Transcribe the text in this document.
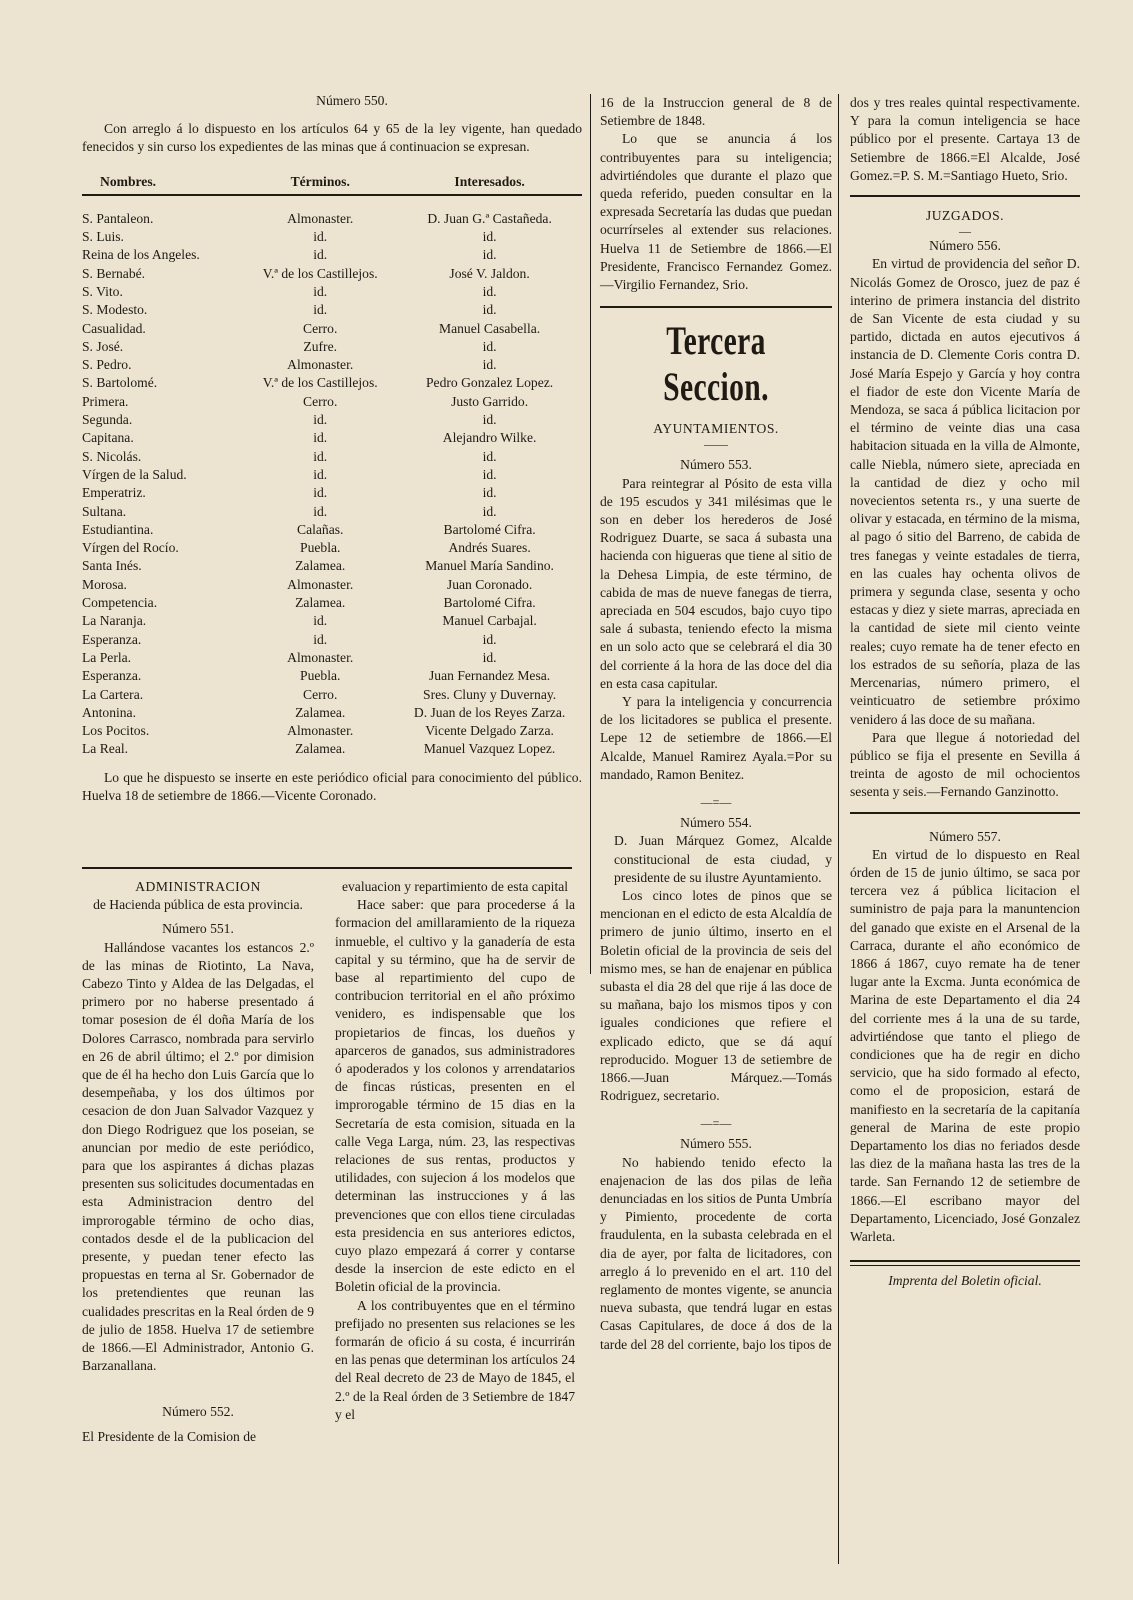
Número 550.

Con arreglo á lo dispuesto en los artículos 64 y 65 de la ley vigente, han quedado fenecidos y sin curso los expedientes de las minas que á continuacion se expresan.

Nombres.	Términos.	Interesados.

S. Pantaleon.	Almonaster.	D. Juan G.ª Castañeda.
S. Luis.	id.	id.
Reina de los Angeles.	id.	id.
S. Bernabé.	V.ª de los Castillejos.	José V. Jaldon.
S. Vito.	id.	id.
S. Modesto.	id.	id.
Casualidad.	Cerro.	Manuel Casabella.
S. José.	Zufre.	id.
S. Pedro.	Almonaster.	id.
S. Bartolomé.	V.ª de los Castillejos.	Pedro Gonzalez Lopez.
Primera.	Cerro.	Justo Garrido.
Segunda.	id.	id.
Capitana.	id.	Alejandro Wilke.
S. Nicolás.	id.	id.
Vírgen de la Salud.	id.	id.
Emperatriz.	id.	id.
Sultana.	id.	id.
Estudiantina.	Calañas.	Bartolomé Cifra.
Vírgen del Rocío.	Puebla.	Andrés Suares.
Santa Inés.	Zalamea.	Manuel María Sandino.
Morosa.	Almonaster.	Juan Coronado.
Competencia.	Zalamea.	Bartolomé Cifra.
La Naranja.	id.	Manuel Carbajal.
Esperanza.	id.	id.
La Perla.	Almonaster.	id.
Esperanza.	Puebla.	Juan Fernandez Mesa.
La Cartera.	Cerro.	Sres. Cluny y Duvernay.
Antonina.	Zalamea.	D. Juan de los Reyes Zarza.
Los Pocitos.	Almonaster.	Vicente Delgado Zarza.
La Real.	Zalamea.	Manuel Vazquez Lopez.

Lo que he dispuesto se inserte en este periódico oficial para conocimiento del público. Huelva 18 de setiembre de 1866.—Vicente Coronado.

ADMINISTRACION

de Hacienda pública de esta provincia.

Número 551.

Hallándose vacantes los estancos 2.º de las minas de Riotinto, La Nava, Cabezo Tinto y Aldea de las Delgadas, el primero por no haberse presentado á tomar posesion de él doña María de los Dolores Carrasco, nombrada para servirlo en 26 de abril último; el 2.º por dimision que de él ha hecho don Luis García que lo desempeñaba, y los dos últimos por cesacion de don Juan Salvador Vazquez y don Diego Rodriguez que los poseian, se anuncian por medio de este periódico, para que los aspirantes á dichas plazas presenten sus solicitudes documentadas en esta Administracion dentro del improrogable término de ocho dias, contados desde el de la publicacion del presente, y puedan tener efecto las propuestas en terna al Sr. Gobernador de los pretendientes que reunan las cualidades prescritas en la Real órden de 9 de julio de 1858. Huelva 17 de setiembre de 1866.—El Administrador, Antonio G. Barzanallana.

Número 552.

El Presidente de la Comision de

evaluacion y repartimiento de esta capital

Hace saber: que para procederse á la formacion del amillaramiento de la riqueza inmueble, el cultivo y la ganadería de esta capital y su término, que ha de servir de base al repartimiento del cupo de contribucion territorial en el año próximo venidero, es indispensable que los propietarios de fincas, los dueños y aparceros de ganados, sus administradores ó apoderados y los colonos y arrendatarios de fincas rústicas, presenten en el improrogable término de 15 dias en la Secretaría de esta comision, situada en la calle Vega Larga, núm. 23, las respectivas relaciones de sus rentas, productos y utilidades, con sujecion á los modelos que determinan las instrucciones y á las prevenciones que con ellos tiene circuladas esta presidencia en sus anteriores edictos, cuyo plazo empezará á correr y contarse desde la insercion de este edicto en el Boletin oficial de la provincia.

A los contribuyentes que en el término prefijado no presenten sus relaciones se les formarán de oficio á su costa, é incurrirán en las penas que determinan los artículos 24 del Real decreto de 23 de Mayo de 1845, el 2.º de la Real órden de 3 Setiembre de 1847 y el

16 de la Instruccion general de 8 de Setiembre de 1848.

Lo que se anuncia á los contribuyentes para su inteligencia; advirtiéndoles que durante el plazo que queda referido, pueden consultar en la expresada Secretaría las dudas que puedan ocurrírseles al extender sus relaciones. Huelva 11 de Setiembre de 1866.—El Presidente, Francisco Fernandez Gomez.—Virgilio Fernandez, Srio.

Tercera Seccion.

AYUNTAMIENTOS.

——

Número 553.

Para reintegrar al Pósito de esta villa de 195 escudos y 341 milésimas que le son en deber los herederos de José Rodriguez Duarte, se saca á subasta una hacienda con higueras que tiene al sitio de la Dehesa Limpia, de este término, de cabida de mas de nueve fanegas de tierra, apreciada en 504 escudos, bajo cuyo tipo sale á subasta, teniendo efecto la misma en un solo acto que se celebrará el dia 30 del corriente á la hora de las doce del dia en esta casa capitular.

Y para la inteligencia y concurrencia de los licitadores se publica el presente. Lepe 12 de setiembre de 1866.—El Alcalde, Manuel Ramirez Ayala.=Por su mandado, Ramon Benitez.

—=—

Número 554.

D. Juan Márquez Gomez, Alcalde constitucional de esta ciudad, y presidente de su ilustre Ayuntamiento.

Los cinco lotes de pinos que se mencionan en el edicto de esta Alcaldía de primero de junio último, inserto en el Boletin oficial de la provincia de seis del mismo mes, se han de enajenar en pública subasta el dia 28 del que rije á las doce de su mañana, bajo los mismos tipos y con iguales condiciones que refiere el explicado edicto, que se dá aquí reproducido. Moguer 13 de setiembre de 1866.—Juan Márquez.—Tomás Rodriguez, secretario.

—=—

Número 555.

No habiendo tenido efecto la enajenacion de las dos pilas de leña denunciadas en los sitios de Punta Umbría y Pimiento, procedente de corta fraudulenta, en la subasta celebrada en el dia de ayer, por falta de licitadores, con arreglo á lo prevenido en el art. 110 del reglamento de montes vigente, se anuncia nueva subasta, que tendrá lugar en estas Casas Capitulares, de doce á dos de la tarde del 28 del corriente, bajo los tipos de

dos y tres reales quintal respectivamente. Y para la comun inteligencia se hace público por el presente. Cartaya 13 de Setiembre de 1866.=El Alcalde, José Gomez.=P. S. M.=Santiago Hueto, Srio.

JUZGADOS.

—

Número 556.

En virtud de providencia del señor D. Nicolás Gomez de Orosco, juez de paz é interino de primera instancia del distrito de San Vicente de esta ciudad y su partido, dictada en autos ejecutivos á instancia de D. Clemente Coris contra D. José María Espejo y García y hoy contra el fiador de este don Vicente María de Mendoza, se saca á pública licitacion por el término de veinte dias una casa habitacion situada en la villa de Almonte, calle Niebla, número siete, apreciada en la cantidad de diez y ocho mil novecientos setenta rs., y una suerte de olivar y estacada, en término de la misma, al pago ó sitio del Barreno, de cabida de tres fanegas y veinte estadales de tierra, en las cuales hay ochenta olivos de primera y segunda clase, sesenta y ocho estacas y diez y siete marras, apreciada en la cantidad de siete mil ciento veinte reales; cuyo remate ha de tener efecto en los estrados de su señoría, plaza de las Mercenarias, número primero, el veinticuatro de setiembre próximo venidero á las doce de su mañana.

Para que llegue á notoriedad del público se fija el presente en Sevilla á treinta de agosto de mil ochocientos sesenta y seis.—Fernando Ganzinotto.

Número 557.

En virtud de lo dispuesto en Real órden de 15 de junio último, se saca por tercera vez á pública licitacion el suministro de paja para la manuntencion del ganado que existe en el Arsenal de la Carraca, durante el año económico de 1866 á 1867, cuyo remate ha de tener lugar ante la Excma. Junta económica de Marina de este Departamento el dia 24 del corriente mes á la una de su tarde, advirtiéndose que tanto el pliego de condiciones que ha de regir en dicho servicio, que ha sido formado al efecto, como el de proposicion, estará de manifiesto en la secretaría de la capitanía general de Marina de este propio Departamento los dias no feriados desde las diez de la mañana hasta las tres de la tarde. San Fernando 12 de setiembre de 1866.—El escribano mayor del Departamento, Licenciado, José Gonzalez Warleta.

Imprenta del Boletin oficial.
